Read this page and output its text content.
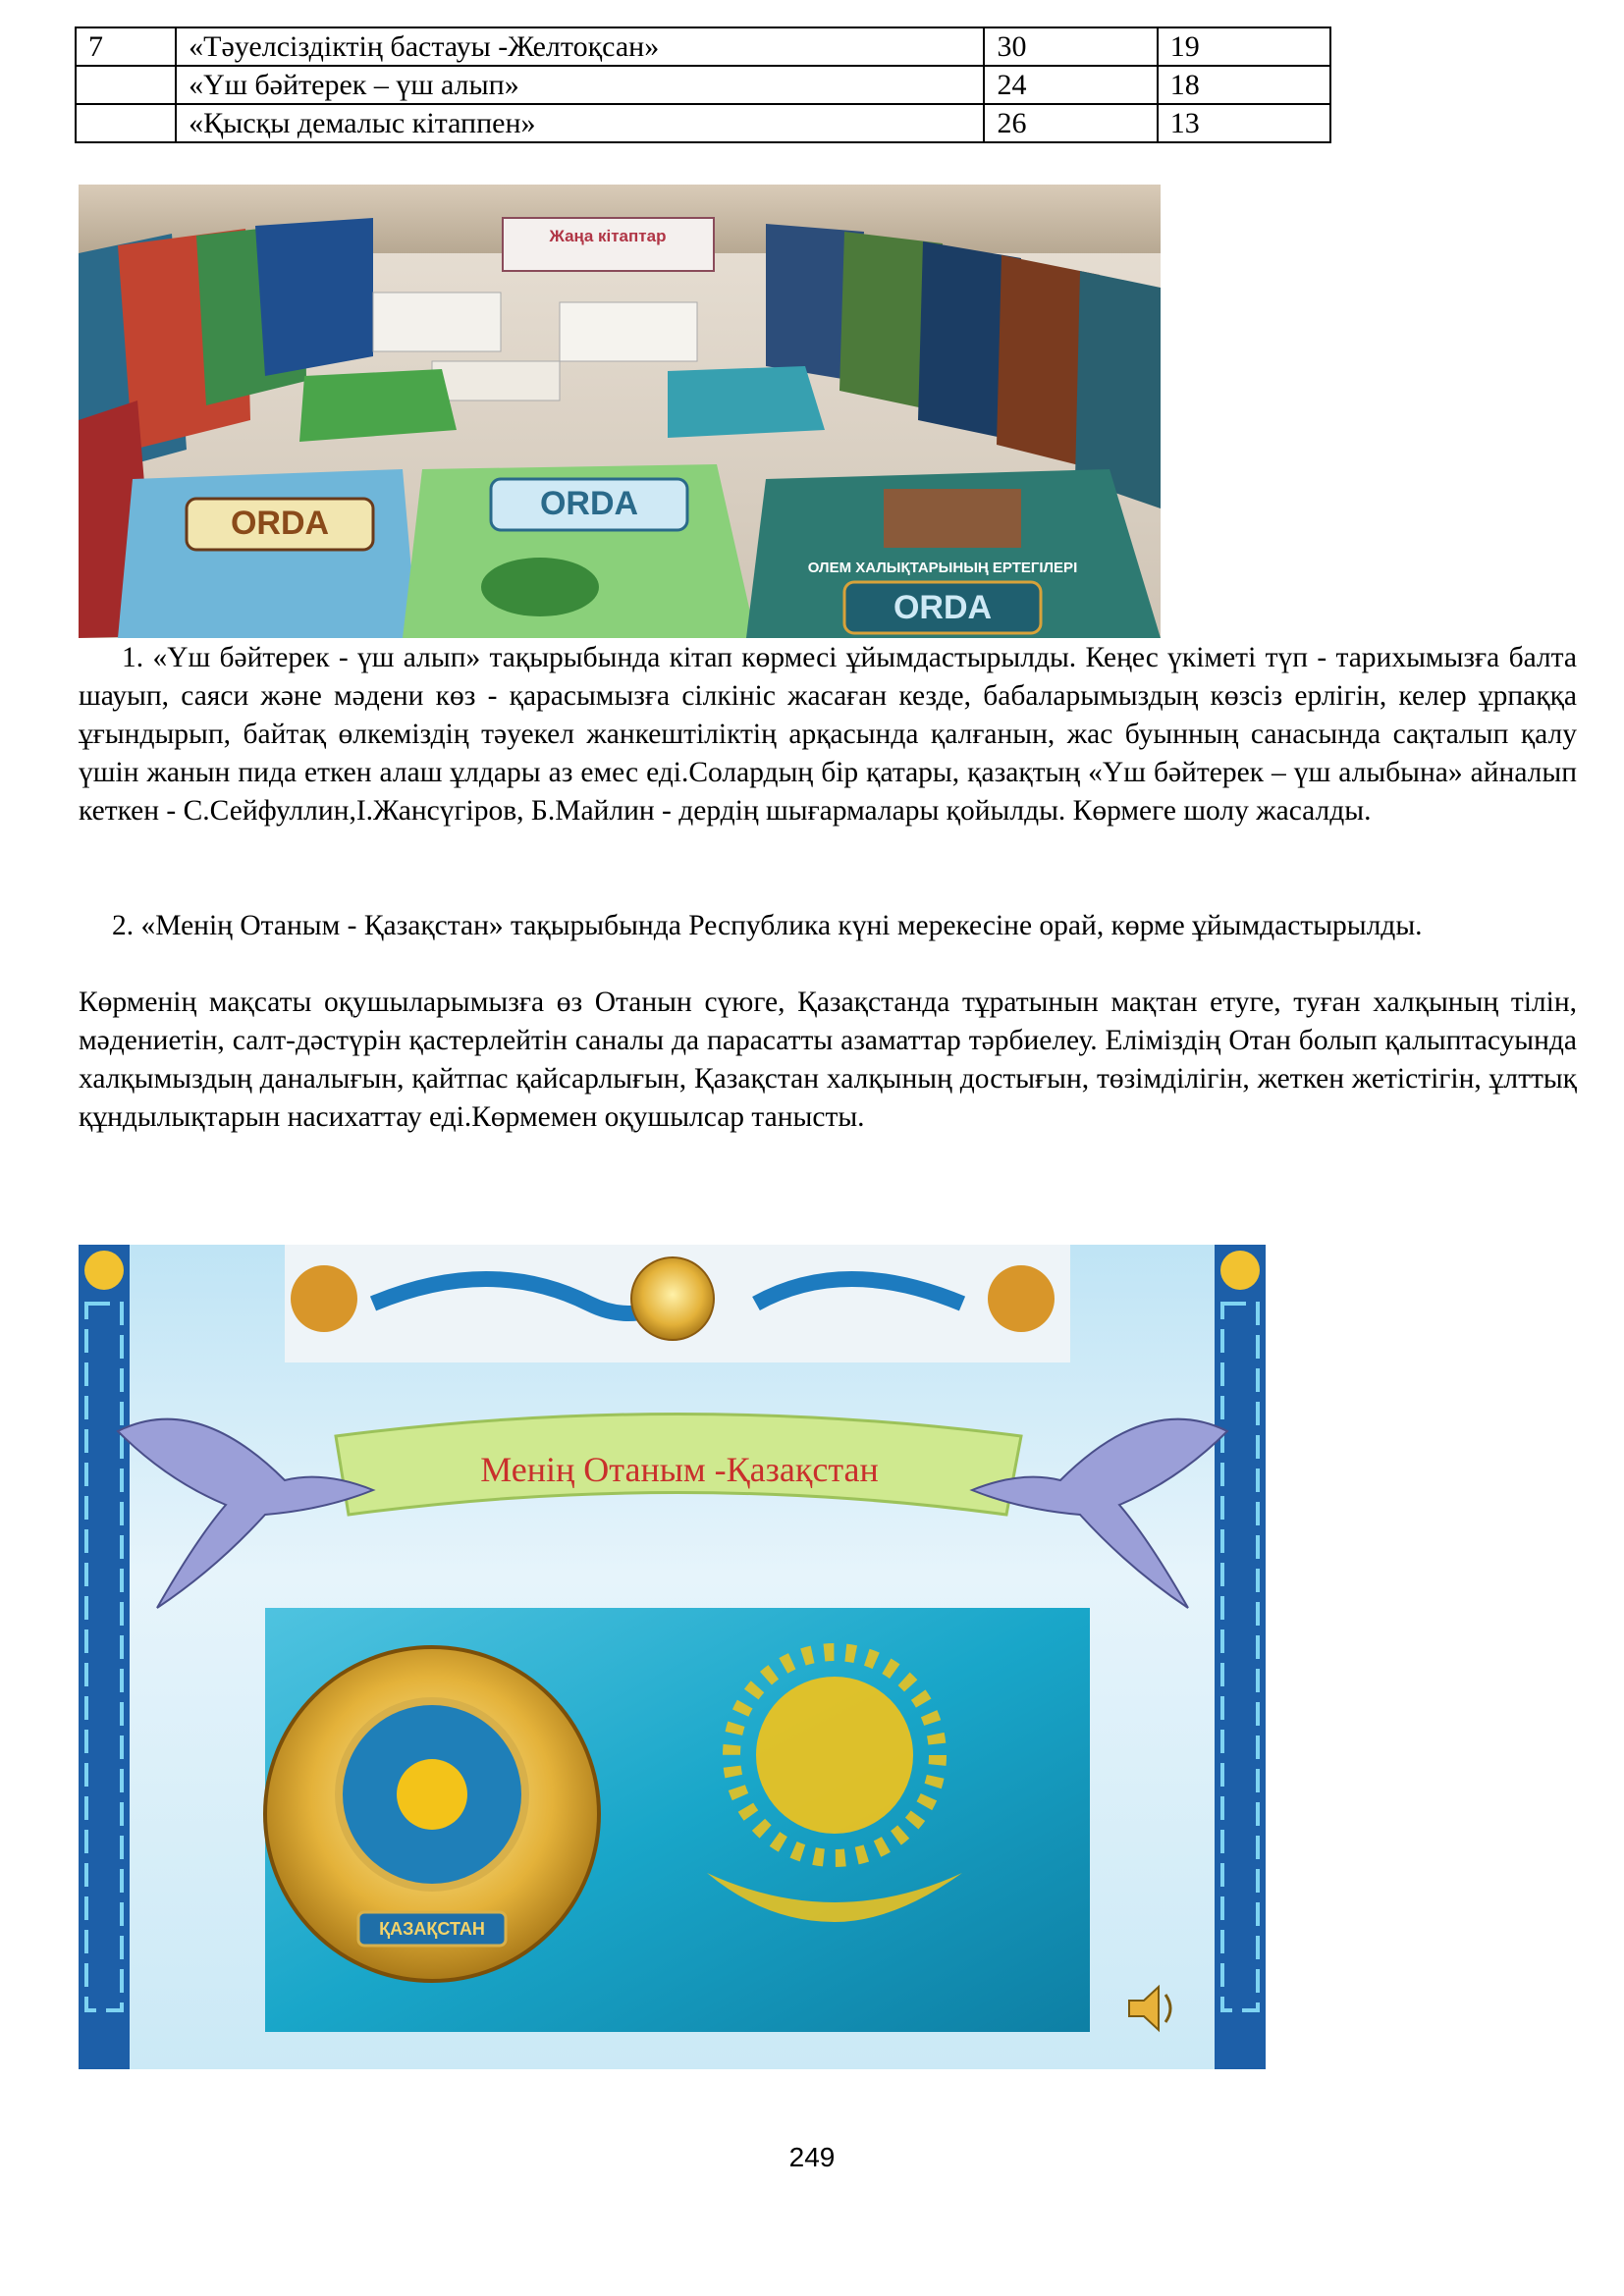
7	«Тәуелсіздіктің бастауы -Желтоқсан»	30	19
	«Үш бәйтерек – үш алып»	24	18
	«Қысқы демалыс кітаппен»	26	13
Жаңа кітаптар
ORDA
ORDA
ОЛЕМ ХАЛЫҚТАРЫНЫҢ ЕРТЕГІЛЕРІ
ORDA

1. «Үш бәйтерек - үш алып» тақырыбында кітап көрмесі ұйымдастырылды. Кеңес үкіметі түп - тарихымызға балта шауып, саяси және мәдени көз - қарасымызға сілкініс жасаған кезде, бабаларымыздың көзсіз ерлігін, келер ұрпаққа ұғындырып, байтақ өлкеміздің тәуекел жанкештіліктің арқасында қалғанын, жас буынның санасында сақталып қалу үшін жанын пида еткен алаш ұлдары аз емес еді.Солардың бір қатары, қазақтың «Үш бәйтерек – үш алыбына» айналып кеткен - С.Сейфуллин,І.Жансүгіров, Б.Майлин - дердің шығармалары қойылды. Көрмеге шолу жасалды.

2. «Менің Отаным - Қазақстан» тақырыбында Республика күні мерекесіне орай, көрме ұйымдастырылды.

Көрменің мақсаты оқушыларымызға өз Отанын сүюге, Қазақстанда тұратынын мақтан етуге, туған халқының тілін, мәдениетін, салт-дәстүрін қастерлейтін саналы да парасатты азаматтар тәрбиелеу. Еліміздің Отан болып қалыптасуында халқымыздың даналығын, қайтпас қайсарлығын, Қазақстан халқының достығын, төзімділігін, жеткен жетістігін, ұлттық құндылықтарын насихаттау еді.Көрмемен оқушылсар танысты.

Менің Отаным -Қазақстан
ҚАЗАҚСТАН
249
